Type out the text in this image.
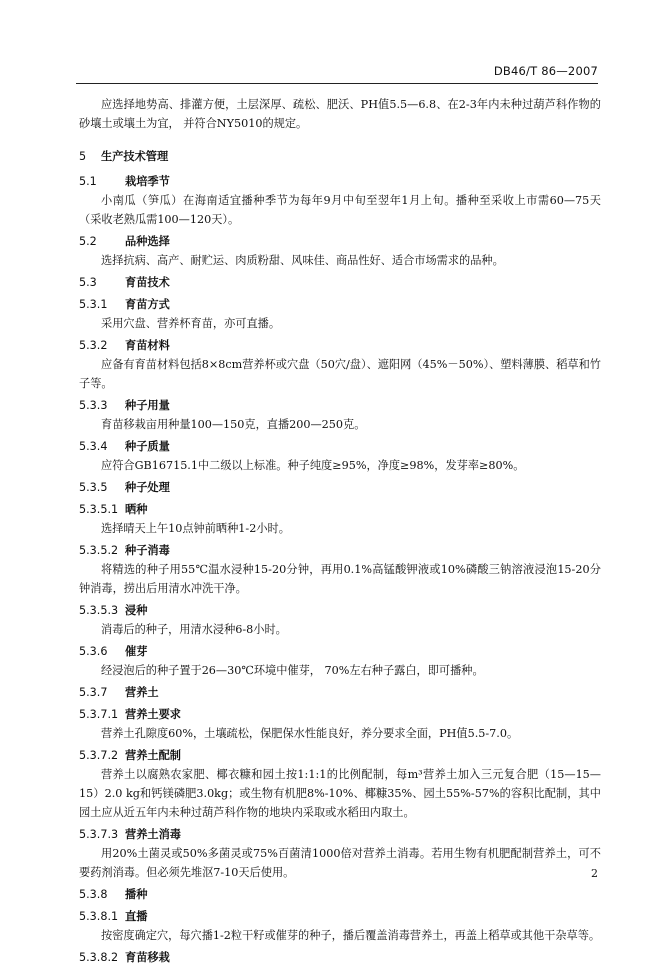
DB46/T 86—2007

应选择地势高、排灌方便，土层深厚、疏松、肥沃、PH值5.5—6.8、在2-3年内未种过葫芦科作物的砂壤土或壤土为宜， 并符合NY5010的规定。

5 生产技术管理
5.1	栽培季节

小南瓜（笋瓜）在海南适宜播种季节为每年9月中旬至翌年1月上旬。播种至采收上市需60—75天（采收老熟瓜需100—120天）。

5.2	品种选择

选择抗病、高产、耐贮运、肉质粉甜、风味佳、商品性好、适合市场需求的品种。

5.3	育苗技术
5.3.1 育苗方式

采用穴盘、营养杯育苗，亦可直播。

5.3.2 育苗材料

应备有育苗材料包括8×8cm营养杯或穴盘（50穴/盘）、遮阳网（45%－50%）、塑料薄膜、稻草和竹子等。

5.3.3 种子用量

育苗移栽亩用种量100—150克，直播200—250克。

5.3.4 种子质量

应符合GB16715.1中二级以上标准。种子纯度≥95%，净度≥98%，发芽率≥80%。

5.3.5 种子处理
5.3.5.1 晒种

选择晴天上午10点钟前晒种1-2小时。

5.3.5.2 种子消毒

将精选的种子用55℃温水浸种15-20分钟，再用0.1%高锰酸钾液或10%磷酸三钠溶液浸泡15-20分钟消毒，捞出后用清水冲洗干净。

5.3.5.3 浸种

消毒后的种子，用清水浸种6-8小时。

5.3.6 催芽

经浸泡后的种子置于26—30℃环境中催芽， 70%左右种子露白，即可播种。

5.3.7 营养土
5.3.7.1 营养土要求

营养土孔隙度60%，土壤疏松，保肥保水性能良好，养分要求全面，PH值5.5-7.0。

5.3.7.2 营养土配制

营养土以腐熟农家肥、椰衣糠和园土按1:1:1的比例配制，每m³营养土加入三元复合肥（15—15—15）2.0 kg和钙镁磷肥3.0kg；或生物有机肥8%-10%、椰糠35%、园土55%-57%的容积比配制，其中园土应从近五年内未种过葫芦科作物的地块内采取或水稻田内取土。

5.3.7.3 营养土消毒

用20%土菌灵或50%多菌灵或75%百菌清1000倍对营养土消毒。若用生物有机肥配制营养土，可不要药剂消毒。但必须先堆沤7-10天后使用。

5.3.8 播种
5.3.8.1 直播

按密度确定穴，每穴播1-2粒干籽或催芽的种子，播后覆盖消毒营养土，再盖上稻草或其他干杂草等。

5.3.8.2 育苗移栽
2
